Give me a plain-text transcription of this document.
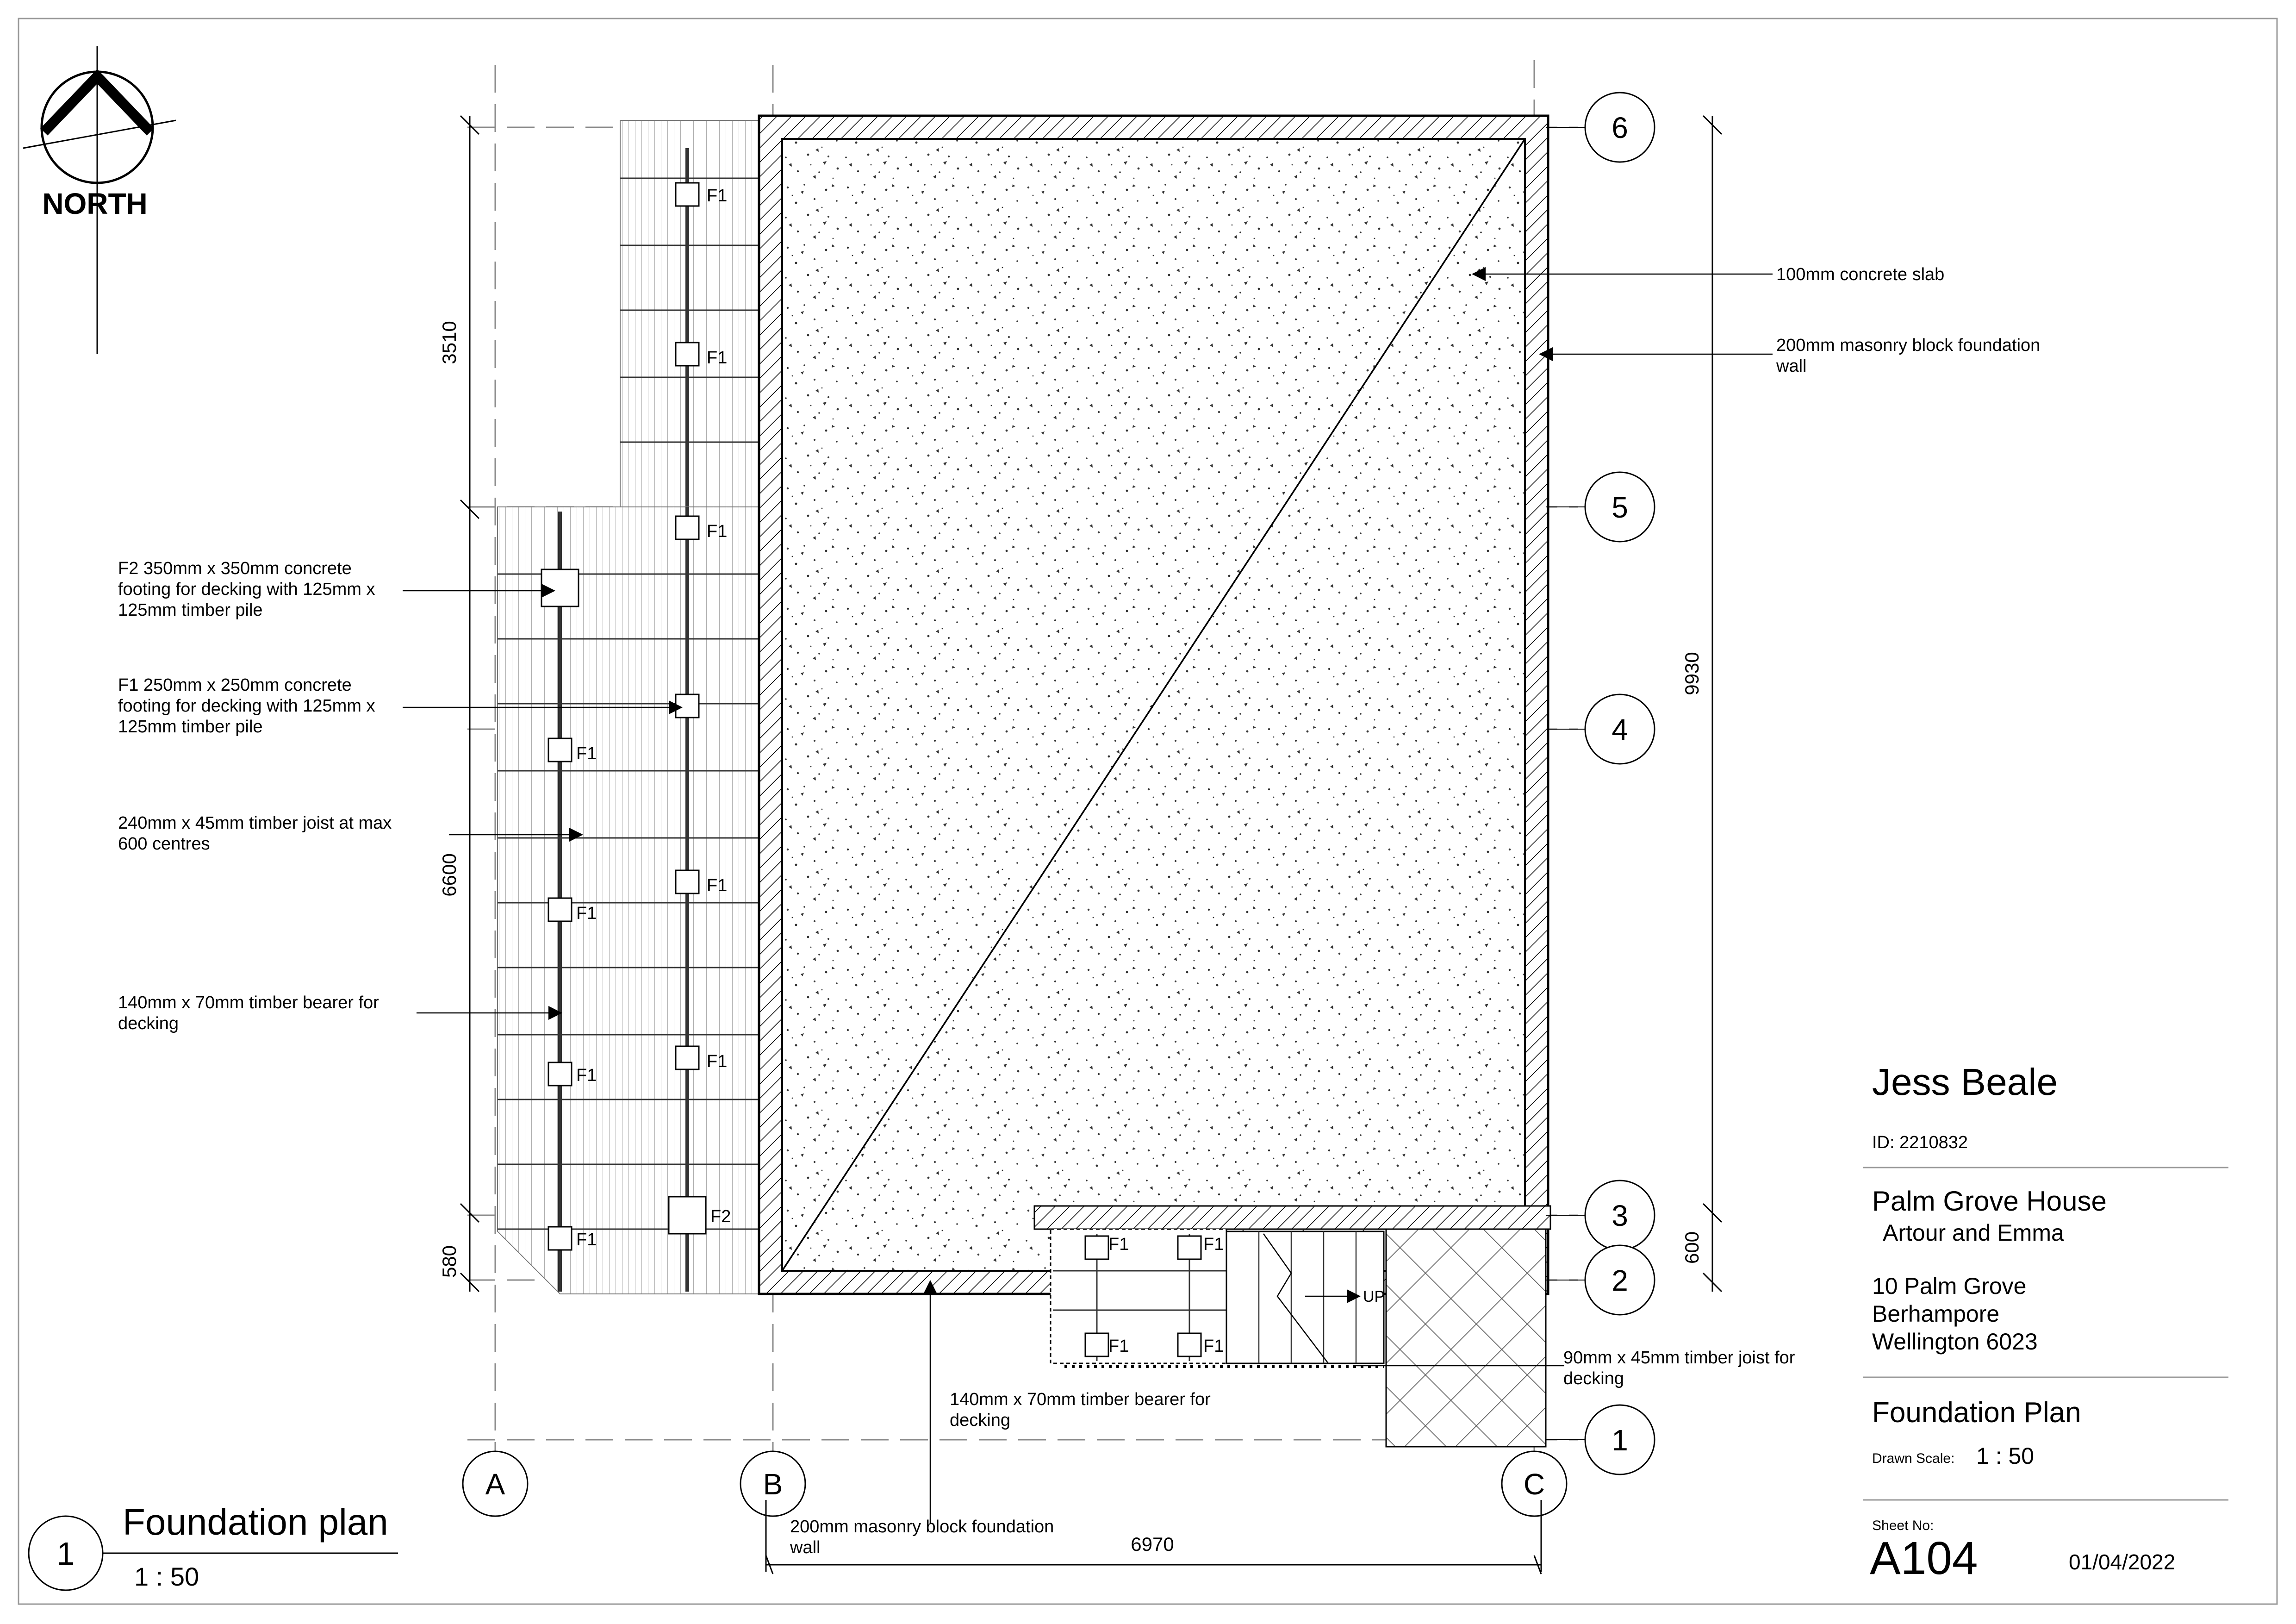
NORTH
UP
F1
F1
F1
F1
F1
F2
F1
F1
F1
F1	F1	F1
F1	F1
A	B	C
1
2
3
4
5
6
3510
6600
580
9930
600
6970
100mm concrete slab
200mm masonry block foundation
wall
F2 350mm x 350mm concrete
footing for decking with 125mm x
125mm timber pile
F1 250mm x 250mm concrete
footing for decking with 125mm x
125mm timber pile
240mm x 45mm timber joist at max
600 centres
140mm x 70mm timber bearer for
decking
140mm x 70mm timber bearer for
decking
200mm masonry block foundation
wall
90mm x 45mm timber joist for
decking
1
Foundation plan
1 : 50
Jess Beale
ID: 2210832
Palm Grove House
Artour and Emma
10 Palm Grove
Berhampore
Wellington 6023
Foundation Plan
Drawn Scale: 1 : 50
Sheet No:
A104	01/04/2022
